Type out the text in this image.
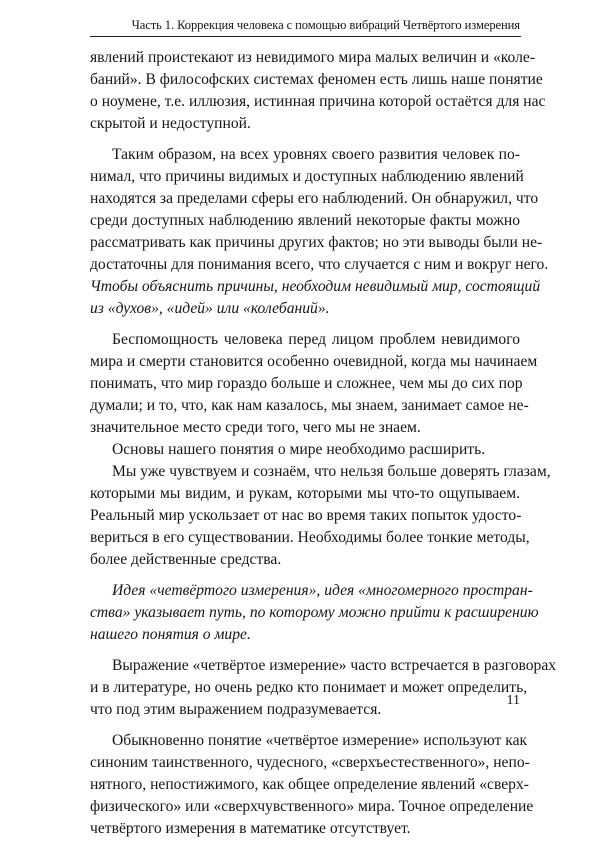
Часть 1. Коррекция человека с помощью вибраций Четвёртого измерения

явлений проистекают из невидимого мира малых величин и «коле-
баний». В философских системах феномен есть лишь наше понятие
о ноумене, т.е. иллюзия, истинная причина которой остаётся для нас
скрытой и недоступной.

Таким образом, на всех уровнях своего развития человек по-
нимал, что причины видимых и доступных наблюдению явлений
находятся за пределами сферы его наблюдений. Он обнаружил, что
среди доступных наблюдению явлений некоторые факты можно
рассматривать как причины других фактов; но эти выводы были не-
достаточны для понимания всего, что случается с ним и вокруг него.
Чтобы объяснить причины, необходим невидимый мир, состоящий
из «духов», «идей» или «колебаний».

Беспомощность человека перед лицом проблем невидимого
мира и смерти становится особенно очевидной, когда мы начинаем
понимать, что мир гораздо больше и сложнее, чем мы до сих пор
думали; и то, что, как нам казалось, мы знаем, занимает самое не-
значительное место среди того, чего мы не знаем.

Основы нашего понятия о мире необходимо расширить.

Мы уже чувствуем и сознаём, что нельзя больше доверять глазам,
которыми мы видим, и рукам, которыми мы что-то ощупываем.
Реальный мир ускользает от нас во время таких попыток удосто-
вериться в его существовании. Необходимы более тонкие методы,
более действенные средства.

Идея «четвёртого измерения», идея «многомерного простран-
ства» указывает путь, по которому можно прийти к расширению
нашего понятия о мире.

Выражение «четвёртое измерение» часто встречается в разговорах
и в литературе, но очень редко кто понимает и может определить,
что под этим выражением подразумевается.

Обыкновенно понятие «четвёртое измерение» используют как
синоним таинственного, чудесного, «сверхъестественного», непо-
нятного, непостижимого, как общее определение явлений «сверх-
физического» или «сверхчувственного» мира. Точное определение
четвёртого измерения в математике отсутствует.

11
